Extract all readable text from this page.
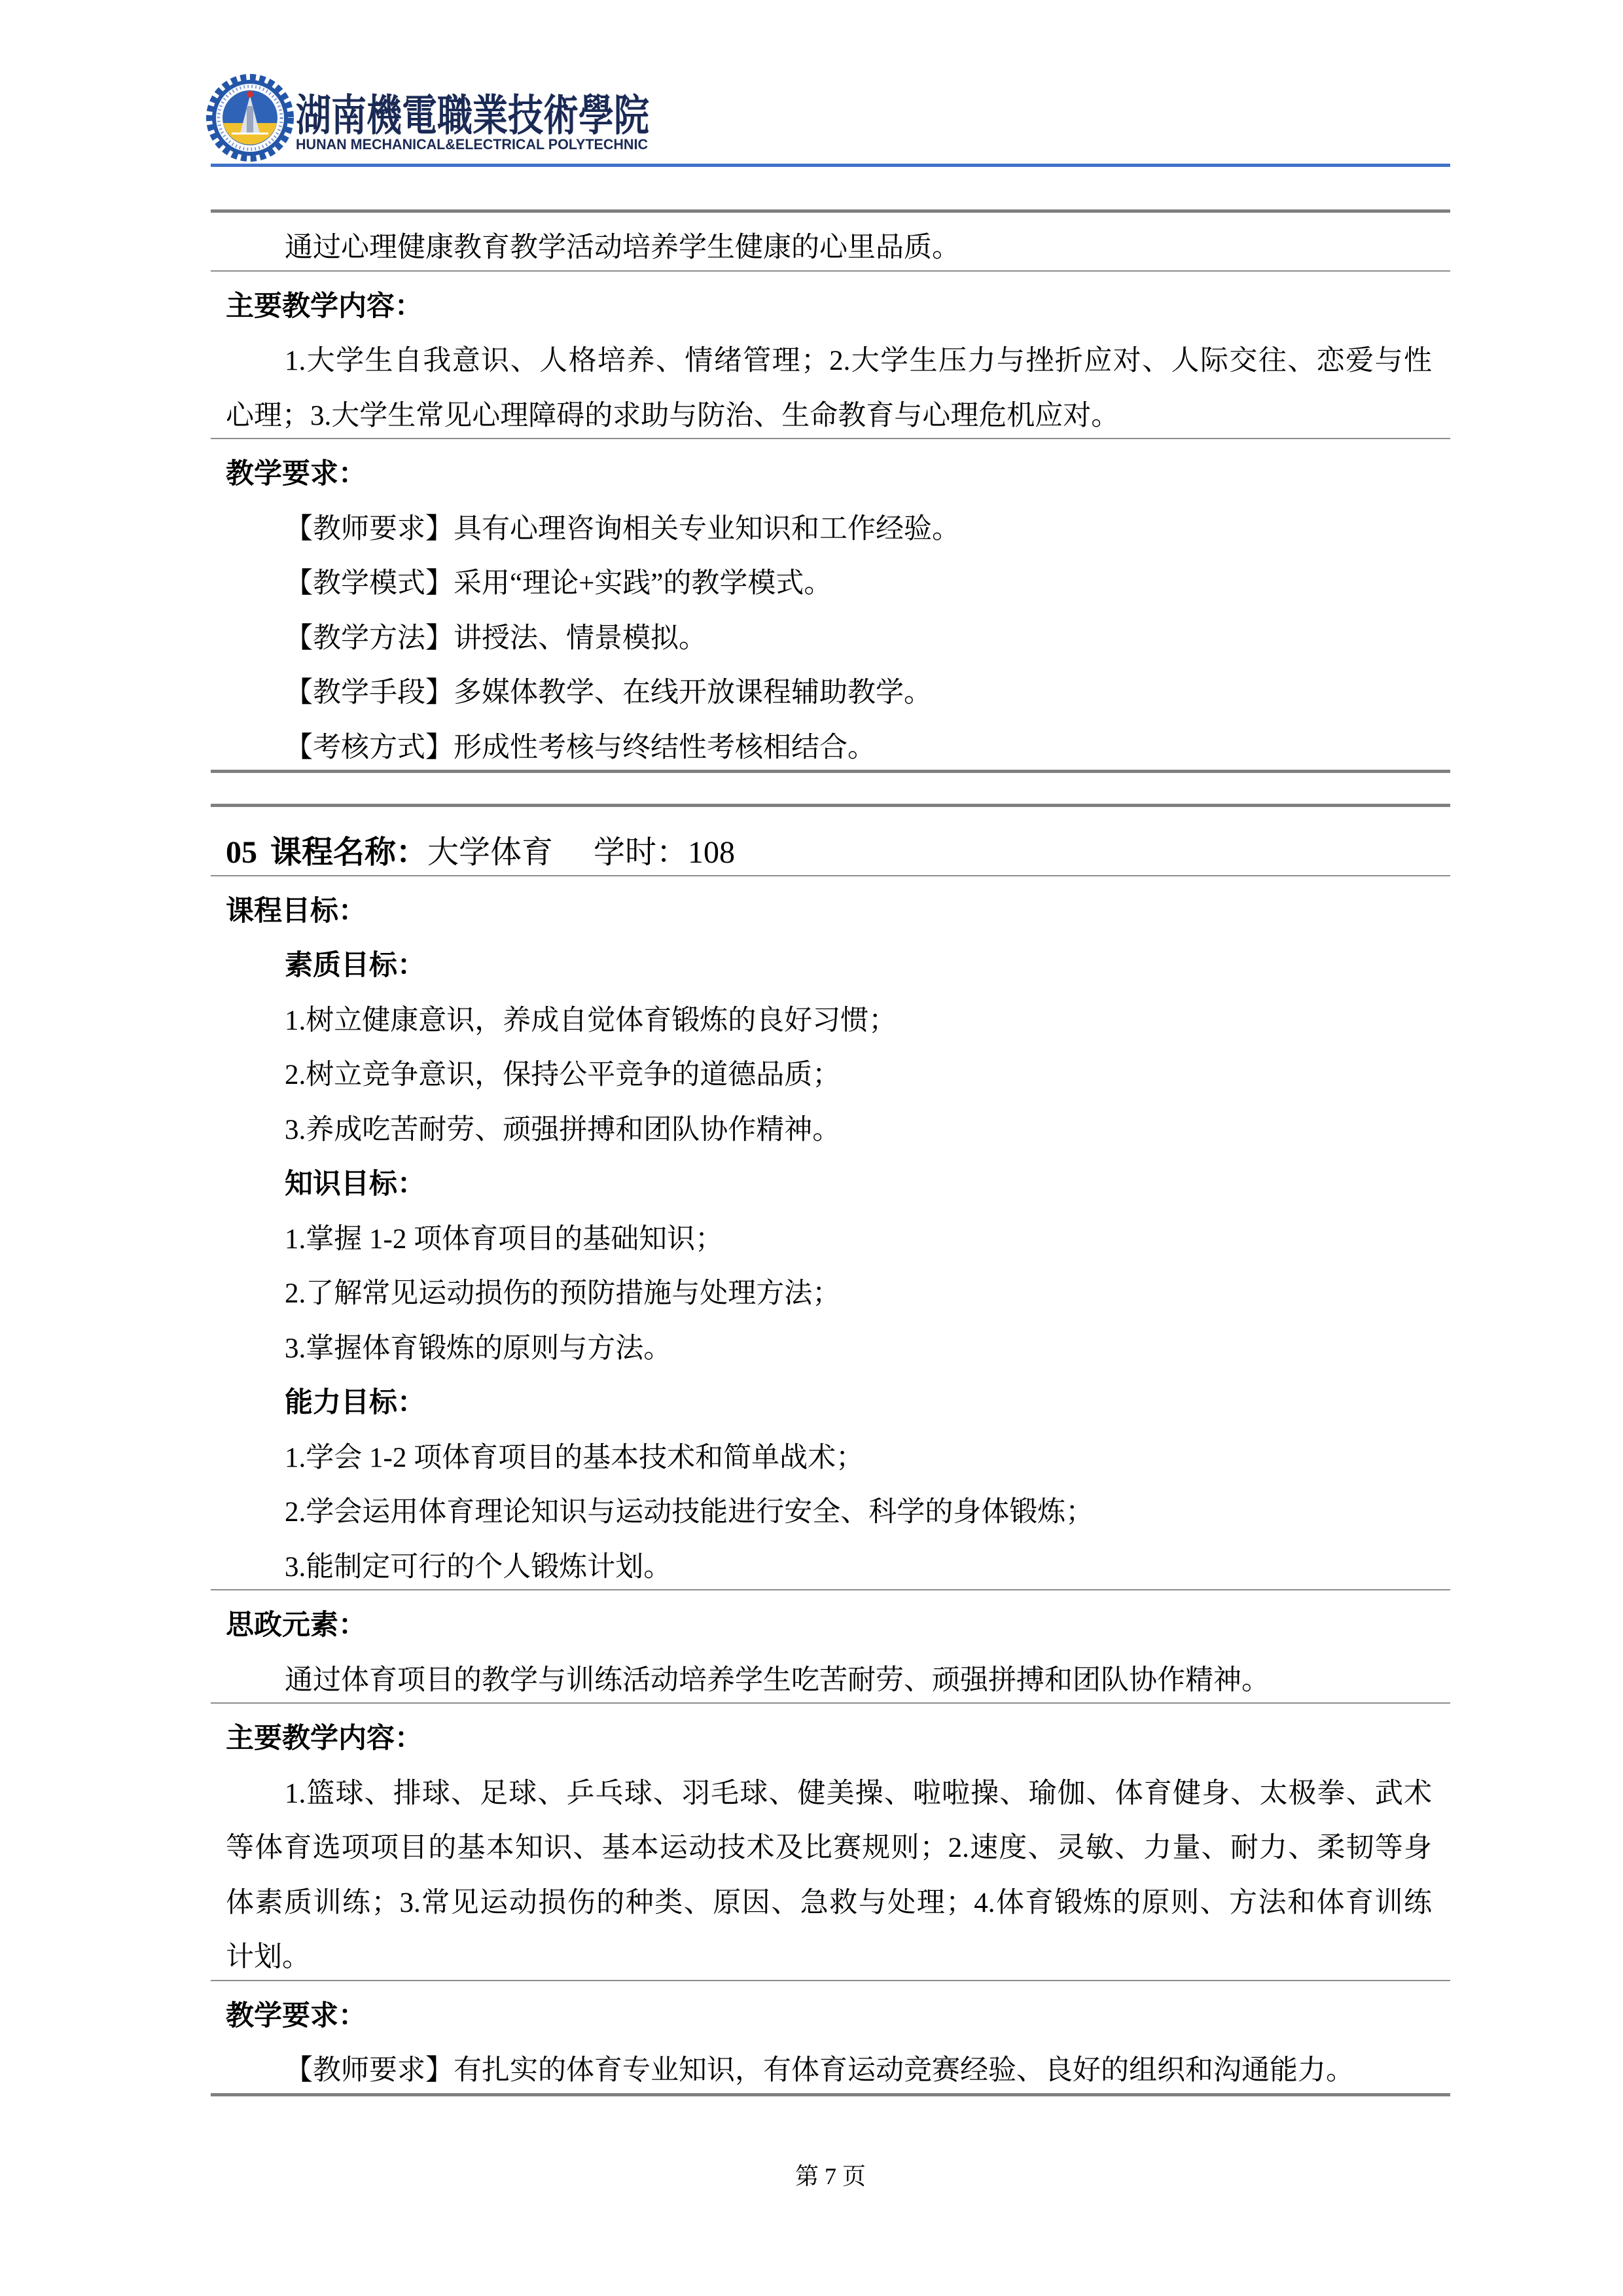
湖南機電職業技術學院
HUNAN MECHANICAL&ELECTRICAL POLYTECHNIC
通过心理健康教育教学活动培养学生健康的心里品质。
主要教学内容：
1.大学生自我意识、人格培养、情绪管理；2.大学生压力与挫折应对、人际交往、恋爱与性
心理；3.大学生常见心理障碍的求助与防治、生命教育与心理危机应对。
教学要求：
【教师要求】具有心理咨询相关专业知识和工作经验。
【教学模式】采用“理论+实践”的教学模式。
【教学方法】讲授法、情景模拟。
【教学手段】多媒体教学、在线开放课程辅助教学。
【考核方式】形成性考核与终结性考核相结合。
05 课程名称：大学体育 学时：108
课程目标：
素质目标：
1.树立健康意识，养成自觉体育锻炼的良好习惯；
2.树立竞争意识，保持公平竞争的道德品质；
3.养成吃苦耐劳、顽强拼搏和团队协作精神。
知识目标：
1.掌握 1-2 项体育项目的基础知识；
2.了解常见运动损伤的预防措施与处理方法；
3.掌握体育锻炼的原则与方法。
能力目标：
1.学会 1-2 项体育项目的基本技术和简单战术；
2.学会运用体育理论知识与运动技能进行安全、科学的身体锻炼；
3.能制定可行的个人锻炼计划。
思政元素：
通过体育项目的教学与训练活动培养学生吃苦耐劳、顽强拼搏和团队协作精神。
主要教学内容：
1.篮球、排球、足球、乒乓球、羽毛球、健美操、啦啦操、瑜伽、体育健身、太极拳、武术
等体育选项项目的基本知识、基本运动技术及比赛规则；2.速度、灵敏、力量、耐力、柔韧等身
体素质训练；3.常见运动损伤的种类、原因、急救与处理；4.体育锻炼的原则、方法和体育训练
计划。
教学要求：
【教师要求】有扎实的体育专业知识，有体育运动竞赛经验、良好的组织和沟通能力。
第 7 页
